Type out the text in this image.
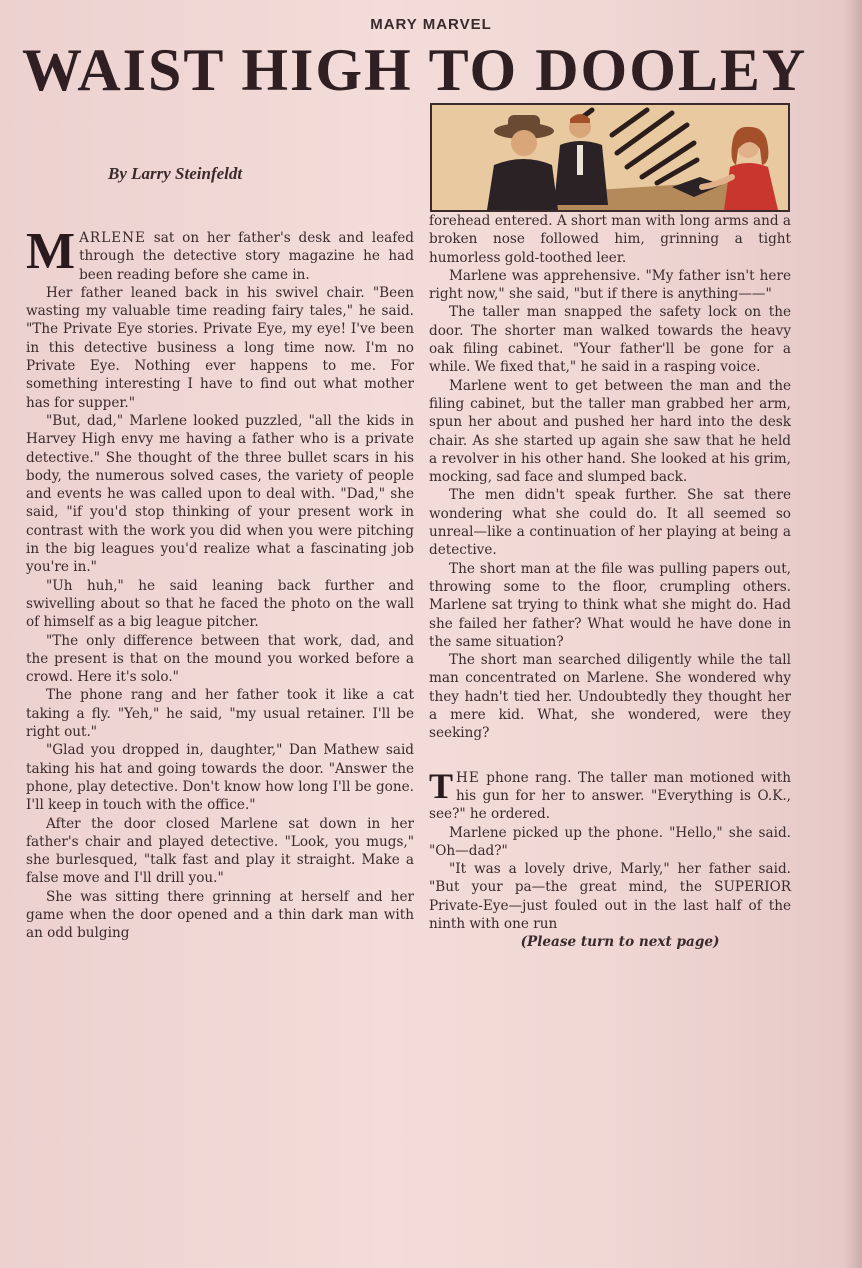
MARY MARVEL
WAIST HIGH TO DOOLEY
By Larry Steinfeldt

MARLENE sat on her father's desk and leafed through the detective story magazine he had been reading before she came in.

Her father leaned back in his swivel chair. "Been wasting my valuable time reading fairy tales," he said. "The Private Eye stories. Private Eye, my eye! I've been in this detective business a long time now. I'm no Private Eye. Nothing ever happens to me. For something interesting I have to find out what mother has for supper."

"But, dad," Marlene looked puzzled, "all the kids in Harvey High envy me having a father who is a private detective." She thought of the three bullet scars in his body, the numerous solved cases, the variety of people and events he was called upon to deal with. "Dad," she said, "if you'd stop thinking of your present work in contrast with the work you did when you were pitching in the big leagues you'd realize what a fascinating job you're in."

"Uh huh," he said leaning back further and swivelling about so that he faced the photo on the wall of himself as a big league pitcher.

"The only difference between that work, dad, and the present is that on the mound you worked before a crowd. Here it's solo."

The phone rang and her father took it like a cat taking a fly. "Yeh," he said, "my usual retainer. I'll be right out."

"Glad you dropped in, daughter," Dan Mathew said taking his hat and going towards the door. "Answer the phone, play detective. Don't know how long I'll be gone. I'll keep in touch with the office."

After the door closed Marlene sat down in her father's chair and played detective. "Look, you mugs," she burlesqued, "talk fast and play it straight. Make a false move and I'll drill you."

She was sitting there grinning at herself and her game when the door opened and a thin dark man with an odd bulging

forehead entered. A short man with long arms and a broken nose followed him, grinning a tight humorless gold-toothed leer.

Marlene was apprehensive. "My father isn't here right now," she said, "but if there is anything——"

The taller man snapped the safety lock on the door. The shorter man walked towards the heavy oak filing cabinet. "Your father'll be gone for a while. We fixed that," he said in a rasping voice.

Marlene went to get between the man and the filing cabinet, but the taller man grabbed her arm, spun her about and pushed her hard into the desk chair. As she started up again she saw that he held a revolver in his other hand. She looked at his grim, mocking, sad face and slumped back.

The men didn't speak further. She sat there wondering what she could do. It all seemed so unreal—like a continuation of her playing at being a detective.

The short man at the file was pulling papers out, throwing some to the floor, crumpling others. Marlene sat trying to think what she might do. Had she failed her father? What would he have done in the same situation?

The short man searched diligently while the tall man concentrated on Marlene. She wondered why they hadn't tied her. Undoubtedly they thought her a mere kid. What, she wondered, were they seeking?

THE phone rang. The taller man motioned with his gun for her to answer. "Everything is O.K., see?" he ordered.

Marlene picked up the phone. "Hello," she said. "Oh—dad?"

"It was a lovely drive, Marly," her father said. "But your pa—the great mind, the SUPERIOR Private-Eye—just fouled out in the last half of the ninth with one run

(Please turn to next page)
